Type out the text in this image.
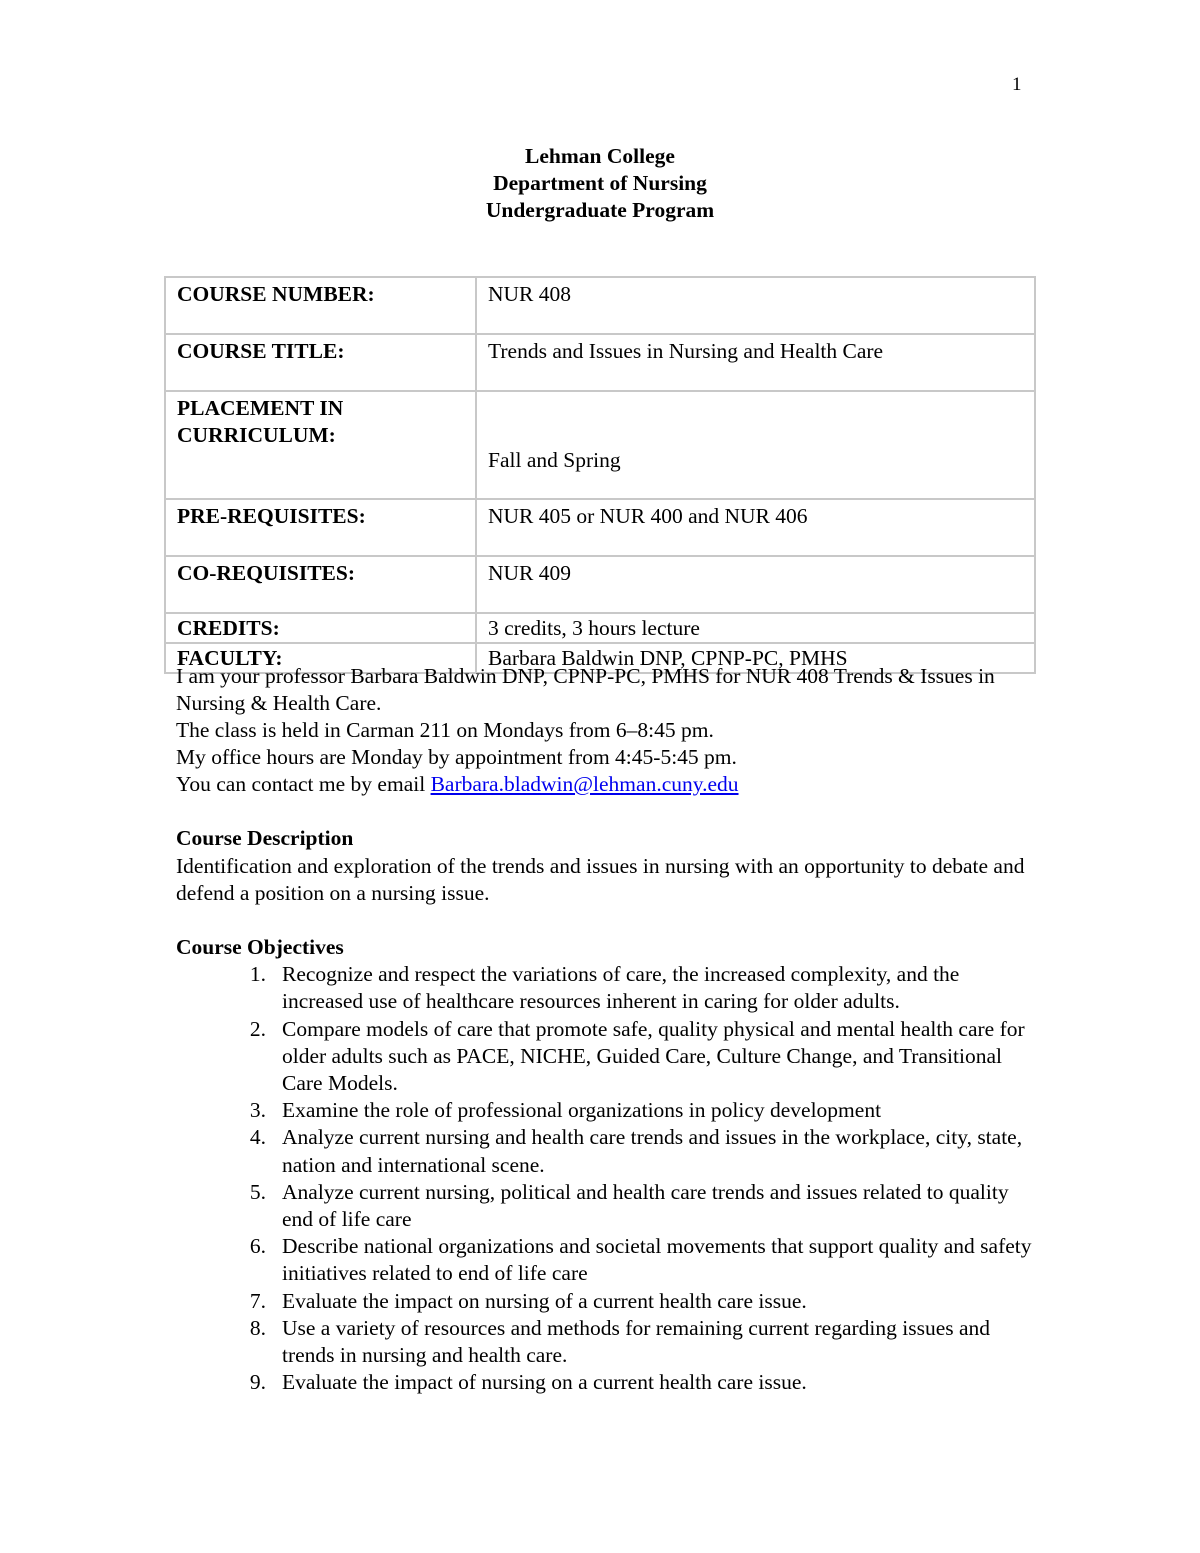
1
Lehman College
Department of Nursing
Undergraduate Program
COURSE NUMBER:	NUR 408
COURSE TITLE:	Trends and Issues in Nursing and Health Care
PLACEMENT IN CURRICULUM:	Fall and Spring
PRE-REQUISITES:	NUR 405 or NUR 400 and NUR 406
CO-REQUISITES:	NUR 409
CREDITS:	3 credits, 3 hours lecture
FACULTY:	Barbara Baldwin DNP, CPNP-PC, PMHS

I am your professor Barbara Baldwin DNP, CPNP-PC, PMHS for NUR 408 Trends & Issues in Nursing & Health Care.

The class is held in Carman 211 on Mondays from 6–8:45 pm.

My office hours are Monday by appointment from 4:45-5:45 pm.

You can contact me by email Barbara.bladwin@lehman.cuny.edu

Course Description

Identification and exploration of the trends and issues in nursing with an opportunity to debate and defend a position on a nursing issue.

Course Objectives
1. Recognize and respect the variations of care, the increased complexity, and the increased use of healthcare resources inherent in caring for older adults.
2. Compare models of care that promote safe, quality physical and mental health care for older adults such as PACE, NICHE, Guided Care, Culture Change, and Transitional Care Models.
3. Examine the role of professional organizations in policy development
4. Analyze current nursing and health care trends and issues in the workplace, city, state, nation and international scene.
5. Analyze current nursing, political and health care trends and issues related to quality end of life care
6. Describe national organizations and societal movements that support quality and safety initiatives related to end of life care
7. Evaluate the impact on nursing of a current health care issue.
8. Use a variety of resources and methods for remaining current regarding issues and trends in nursing and health care.
9. Evaluate the impact of nursing on a current health care issue.
